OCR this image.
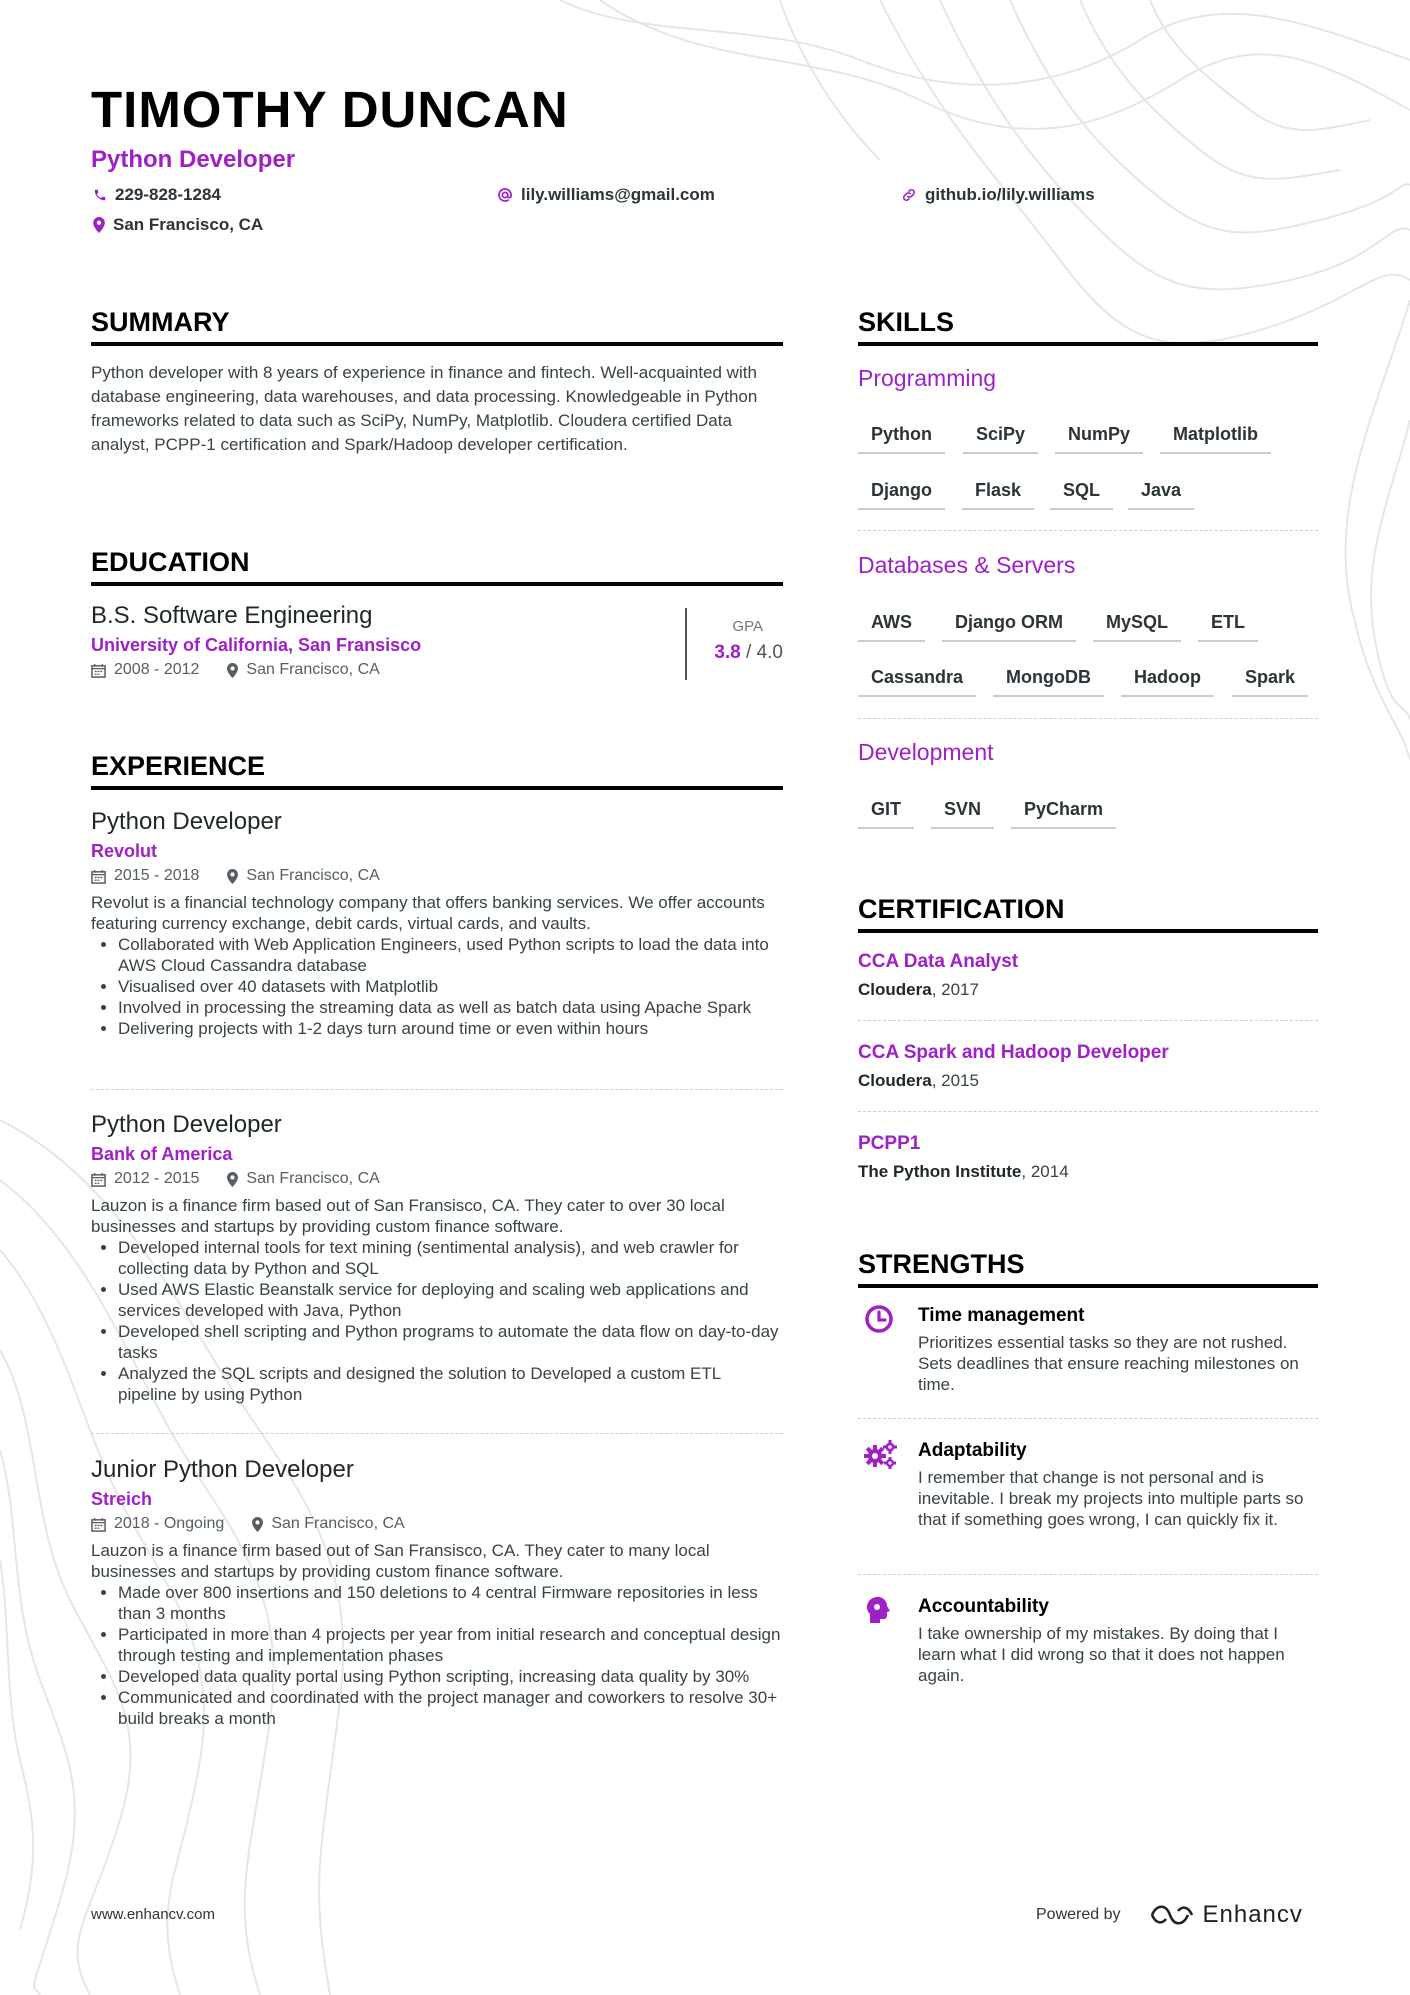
TIMOTHY DUNCAN
Python Developer
229-828-1284	lily.williams@gmail.com	github.io/lily.williams
San Francisco, CA
SUMMARY
Python developer with 8 years of experience in finance and fintech. Well-acquainted with database engineering, data warehouses, and data processing. Knowledgeable in Python frameworks related to data such as SciPy, NumPy, Matplotlib. Cloudera certified Data analyst, PCPP-1 certification and Spark/Hadoop developer certification.
EDUCATION
B.S. Software Engineering
University of California, San Fransisco
2008 - 2012	San Francisco, CA
GPA
3.8 / 4.0
EXPERIENCE
Python Developer
Revolut
2015 - 2018	San Francisco, CA
Revolut is a financial technology company that offers banking services. We offer accounts featuring currency exchange, debit cards, virtual cards, and vaults.
• Collaborated with Web Application Engineers, used Python scripts to load the data into AWS Cloud Cassandra database
• Visualised over 40 datasets with Matplotlib
• Involved in processing the streaming data as well as batch data using Apache Spark
• Delivering projects with 1-2 days turn around time or even within hours
Python Developer
Bank of America
2012 - 2015	San Francisco, CA
Lauzon is a finance firm based out of San Fransisco, CA. They cater to over 30 local businesses and startups by providing custom finance software.
• Developed internal tools for text mining (sentimental analysis), and web crawler for collecting data by Python and SQL
• Used AWS Elastic Beanstalk service for deploying and scaling web applications and services developed with Java, Python
• Developed shell scripting and Python programs to automate the data flow on day-to-day tasks
• Analyzed the SQL scripts and designed the solution to Developed a custom ETL pipeline by using Python
Junior Python Developer
Streich
2018 - Ongoing	San Francisco, CA
Lauzon is a finance firm based out of San Fransisco, CA. They cater to many local businesses and startups by providing custom finance software.
• Made over 800 insertions and 150 deletions to 4 central Firmware repositories in less than 3 months
• Participated in more than 4 projects per year from initial research and conceptual design through testing and implementation phases
• Developed data quality portal using Python scripting, increasing data quality by 30%
• Communicated and coordinated with the project manager and coworkers to resolve 30+ build breaks a month
SKILLS
Programming
Python	SciPy	NumPy	Matplotlib
Django	Flask	SQL	Java
Databases & Servers
AWS	Django ORM	MySQL	ETL
Cassandra	MongoDB	Hadoop	Spark
Development
GIT	SVN	PyCharm
CERTIFICATION
CCA Data Analyst
Cloudera, 2017
CCA Spark and Hadoop Developer
Cloudera, 2015
PCPP1
The Python Institute, 2014
STRENGTHS
Time management
Prioritizes essential tasks so they are not rushed. Sets deadlines that ensure reaching milestones on time.
Adaptability
I remember that change is not personal and is inevitable. I break my projects into multiple parts so that if something goes wrong, I can quickly fix it.
Accountability
I take ownership of my mistakes. By doing that I learn what I did wrong so that it does not happen again.
www.enhancv.com	Powered by	Enhancv
